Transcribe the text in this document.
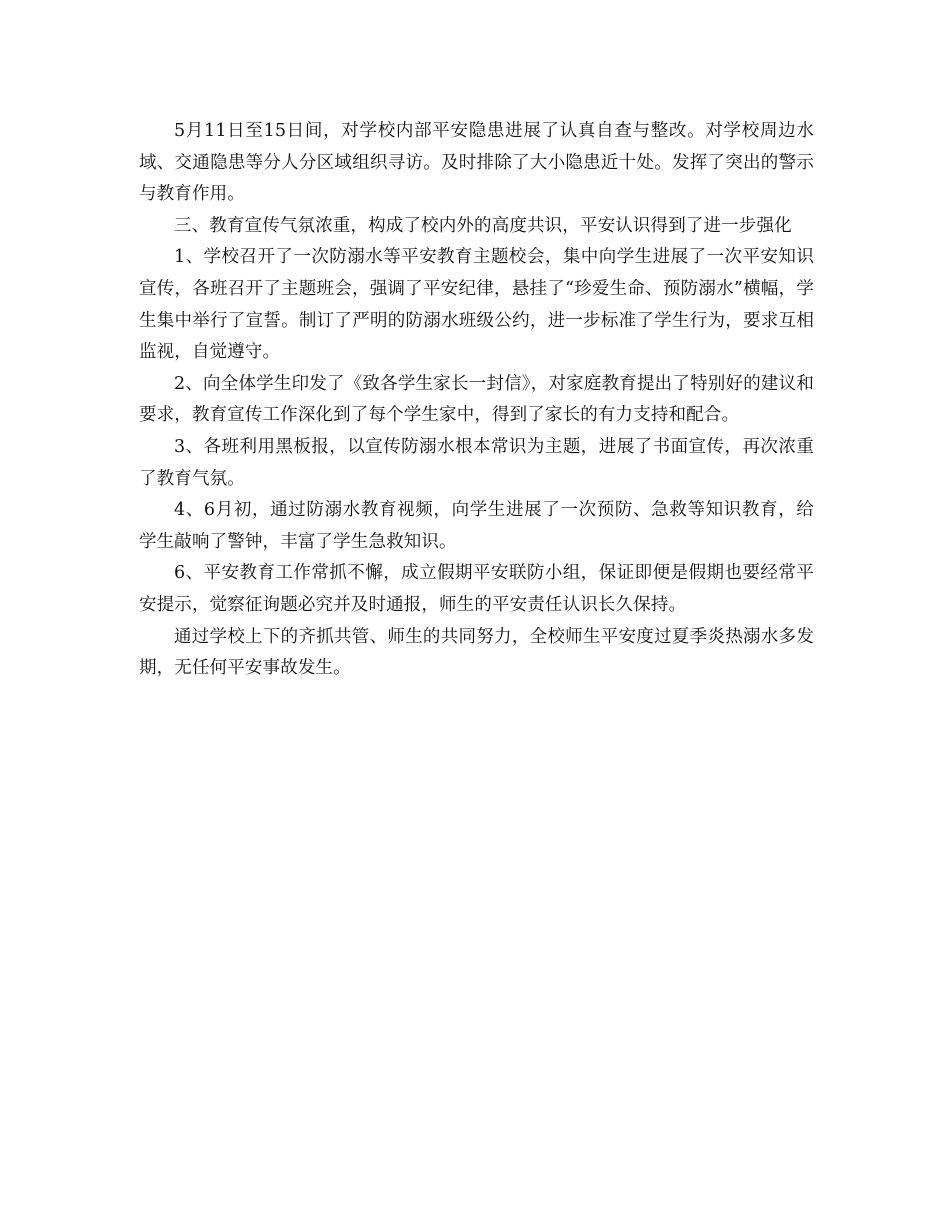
5月11日至15日间，对学校内部平安隐患进展了认真自查与整改。对学校周边水域、交通隐患等分人分区域组织寻访。及时排除了大小隐患近十处。发挥了突出的警示与教育作用。

三、教育宣传气氛浓重，构成了校内外的高度共识，平安认识得到了进一步强化

1、学校召开了一次防溺水等平安教育主题校会，集中向学生进展了一次平安知识宣传，各班召开了主题班会，强调了平安纪律，悬挂了“珍爱生命、预防溺水”横幅，学生集中举行了宣誓。制订了严明的防溺水班级公约，进一步标准了学生行为，要求互相监视，自觉遵守。

2、向全体学生印发了《致各学生家长一封信》，对家庭教育提出了特别好的建议和要求，教育宣传工作深化到了每个学生家中，得到了家长的有力支持和配合。

3、各班利用黑板报，以宣传防溺水根本常识为主题，进展了书面宣传，再次浓重了教育气氛。

4、6月初，通过防溺水教育视频，向学生进展了一次预防、急救等知识教育，给学生敲响了警钟，丰富了学生急救知识。

6、平安教育工作常抓不懈，成立假期平安联防小组，保证即便是假期也要经常平安提示，觉察征询题必究并及时通报，师生的平安责任认识长久保持。

通过学校上下的齐抓共管、师生的共同努力，全校师生平安度过夏季炎热溺水多发期，无任何平安事故发生。
